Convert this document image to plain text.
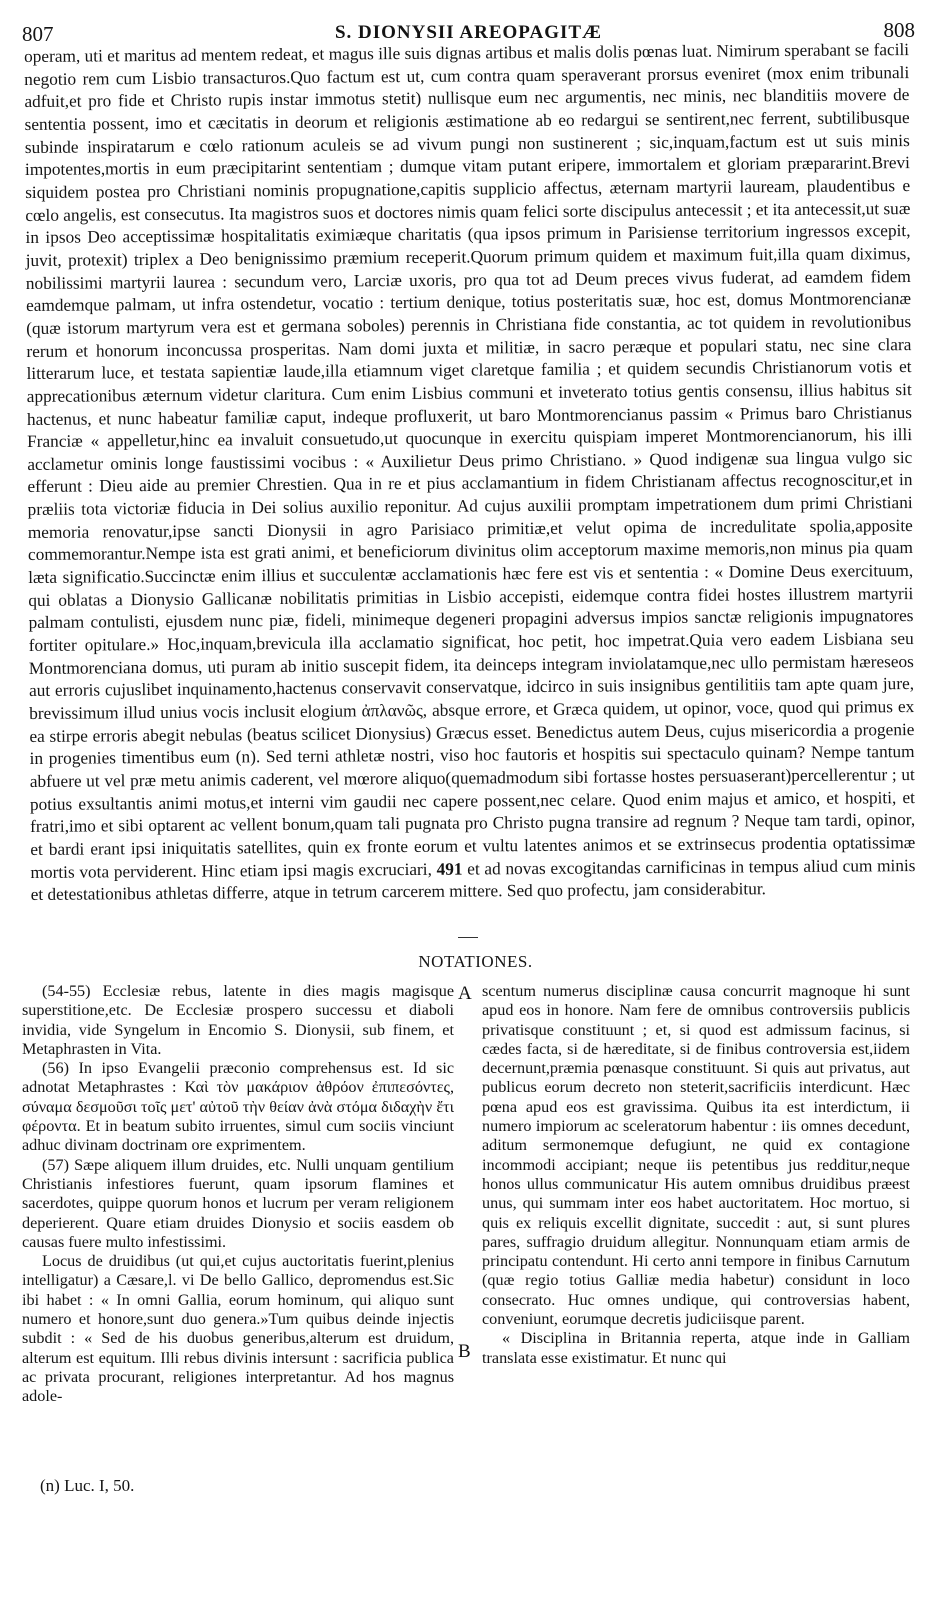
807	S. DIONYSII AREOPAGITÆ	808

operam, uti et maritus ad mentem redeat, et magus ille suis dignas artibus et malis dolis pœnas luat. Nimirum sperabant se facili negotio rem cum Lisbio transacturos.Quo factum est ut, cum contra quam speraverant prorsus eveniret (mox enim tribunali adfuit,et pro fide et Christo rupis instar immotus stetit) nullisque eum nec argumentis, nec minis, nec blanditiis movere de sententia possent, imo et cæcitatis in deorum et religionis æstimatione ab eo redargui se sentirent,nec ferrent, subtilibusque subinde inspiratarum e cœlo rationum aculeis se ad vivum pungi non sustinerent ; sic,inquam,factum est ut suis minis impotentes,mortis in eum præcipitarint sententiam ; dumque vitam putant eripere, immortalem et gloriam præpararint.Brevi siquidem postea pro Christiani nominis propugnatione,capitis supplicio affectus, æternam martyrii lauream, plaudentibus e cœlo angelis, est consecutus. Ita magistros suos et doctores nimis quam felici sorte discipulus antecessit ; et ita antecessit,ut suæ in ipsos Deo acceptissimæ hospitalitatis eximiæque charitatis (qua ipsos primum in Parisiense territorium ingressos excepit, juvit, protexit) triplex a Deo benignissimo præmium receperit.Quorum primum quidem et maximum fuit,illa quam diximus, nobilissimi martyrii laurea : secundum vero, Larciæ uxoris, pro qua tot ad Deum preces vivus fuderat, ad eamdem fidem eamdemque palmam, ut infra ostendetur, vocatio : tertium denique, totius posteritatis suæ, hoc est, domus Montmorencianæ (quæ istorum martyrum vera est et germana soboles) perennis in Christiana fide constantia, ac tot quidem in revolutionibus rerum et honorum inconcussa prosperitas. Nam domi juxta et militiæ, in sacro peræque et populari statu, nec sine clara litterarum luce, et testata sapientiæ laude,illa etiamnum viget claretque familia ; et quidem secundis Christianorum votis et apprecationibus æternum videtur claritura. Cum enim Lisbius communi et inveterato totius gentis consensu, illius habitus sit hactenus, et nunc habeatur familiæ caput, indeque profluxerit, ut baro Montmorencianus passim « Primus baro Christianus Franciæ « appelletur,hinc ea invaluit consuetudo,ut quocunque in exercitu quispiam imperet Montmorencianorum, his illi acclametur ominis longe faustissimi vocibus : « Auxilietur Deus primo Christiano. » Quod indigenæ sua lingua vulgo sic efferunt : Dieu aide au premier Chrestien. Qua in re et pius acclamantium in fidem Christianam affectus recognoscitur,et in præliis tota victoriæ fiducia in Dei solius auxilio reponitur. Ad cujus auxilii promptam impetrationem dum primi Christiani memoria renovatur,ipse sancti Dionysii in agro Parisiaco primitiæ,et velut opima de incredulitate spolia,apposite commemorantur.Nempe ista est grati animi, et beneficiorum divinitus olim acceptorum maxime memoris,non minus pia quam læta significatio.Succinctæ enim illius et succulentæ acclamationis hæc fere est vis et sententia : « Domine Deus exercituum, qui oblatas a Dionysio Gallicanæ nobilitatis primitias in Lisbio accepisti, eidemque contra fidei hostes illustrem martyrii palmam contulisti, ejusdem nunc piæ, fideli, minimeque degeneri propagini adversus impios sanctæ religionis impugnatores fortiter opitulare.» Hoc,inquam,brevicula illa acclamatio significat, hoc petit, hoc impetrat.Quia vero eadem Lisbiana seu Montmorenciana domus, uti puram ab initio suscepit fidem, ita deinceps integram inviolatamque,nec ullo permistam hæreseos aut erroris cujuslibet inquinamento,hactenus conservavit conservatque, idcirco in suis insignibus gentilitiis tam apte quam jure, brevissimum illud unius vocis inclusit elogium ἀπλανῶς, absque errore, et Græca quidem, ut opinor, voce, quod qui primus ex ea stirpe erroris abegit nebulas (beatus scilicet Dionysius) Græcus esset. Benedictus autem Deus, cujus misericordia a progenie in progenies timentibus eum (n). Sed terni athletæ nostri, viso hoc fautoris et hospitis sui spectaculo quinam? Nempe tantum abfuere ut vel præ metu animis caderent, vel mœrore aliquo(quemadmodum sibi fortasse hostes persuaserant)percellerentur ; ut potius exsultantis animi motus,et interni vim gaudii nec capere possent,nec celare. Quod enim majus et amico, et hospiti, et fratri,imo et sibi optarent ac vellent bonum,quam tali pugnata pro Christo pugna transire ad regnum ? Neque tam tardi, opinor, et bardi erant ipsi iniquitatis satellites, quin ex fronte eorum et vultu latentes animos et se extrinsecus prodentia optatissimæ mortis vota perviderent. Hinc etiam ipsi magis excruciari, 491 et ad novas excogitandas carnificinas in tempus aliud cum minis et detestationibus athletas differre, atque in tetrum carcerem mittere. Sed quo profectu, jam considerabitur.

NOTATIONES.

(54-55) Ecclesiæ rebus, latente in dies magis magisque superstitione,etc. De Ecclesiæ prospero successu et diaboli invidia, vide Syngelum in Encomio S. Dionysii, sub finem, et Metaphrasten in Vita.

(56) In ipso Evangelii præconio comprehensus est. Id sic adnotat Metaphrastes : Καὶ τὸν μακάριον ἀθρόον ἐπιπεσόντες, σύναμα δεσμοῦσι τοῖς μετ' αὐτοῦ τὴν θείαν ἀνὰ στόμα διδαχὴν ἔτι φέροντα. Et in beatum subito irruentes, simul cum sociis vinciunt adhuc divinam doctrinam ore exprimentem.

(57) Sæpe aliquem illum druides, etc. Nulli unquam gentilium Christianis infestiores fuerunt, quam ipsorum flamines et sacerdotes, quippe quorum honos et lucrum per veram religionem deperierent. Quare etiam druides Dionysio et sociis easdem ob causas fuere multo infestissimi.

Locus de druidibus (ut qui,et cujus auctoritatis fuerint,plenius intelligatur) a Cæsare,l. vi De bello Gallico, depromendus est.Sic ibi habet : « In omni Gallia, eorum hominum, qui aliquo sunt numero et honore,sunt duo genera.»Tum quibus deinde injectis subdit : « Sed de his duobus generibus,alterum est druidum, alterum est equitum. Illi rebus divinis intersunt : sacrificia publica ac privata procurant, religiones interpretantur. Ad hos magnus adole-

A
B

scentum numerus disciplinæ causa concurrit magnoque hi sunt apud eos in honore. Nam fere de omnibus controversiis publicis privatisque constituunt ; et, si quod est admissum facinus, si cædes facta, si de hæreditate, si de finibus controversia est,iidem decernunt,præmia pœnasque constituunt. Si quis aut privatus, aut publicus eorum decreto non steterit,sacrificiis interdicunt. Hæc pœna apud eos est gravissima. Quibus ita est interdictum, ii numero impiorum ac sceleratorum habentur : iis omnes decedunt, aditum sermonemque defugiunt, ne quid ex contagione incommodi accipiant; neque iis petentibus jus redditur,neque honos ullus communicatur His autem omnibus druidibus præest unus, qui summam inter eos habet auctoritatem. Hoc mortuo, si quis ex reliquis excellit dignitate, succedit : aut, si sunt plures pares, suffragio druidum allegitur. Nonnunquam etiam armis de principatu contendunt. Hi certo anni tempore in finibus Carnutum (quæ regio totius Galliæ media habetur) considunt in loco consecrato. Huc omnes undique, qui controversias habent, conveniunt, eorumque decretis judiciisque parent.

« Disciplina in Britannia reperta, atque inde in Galliam translata esse existimatur. Et nunc qui

(n) Luc. I, 50.
